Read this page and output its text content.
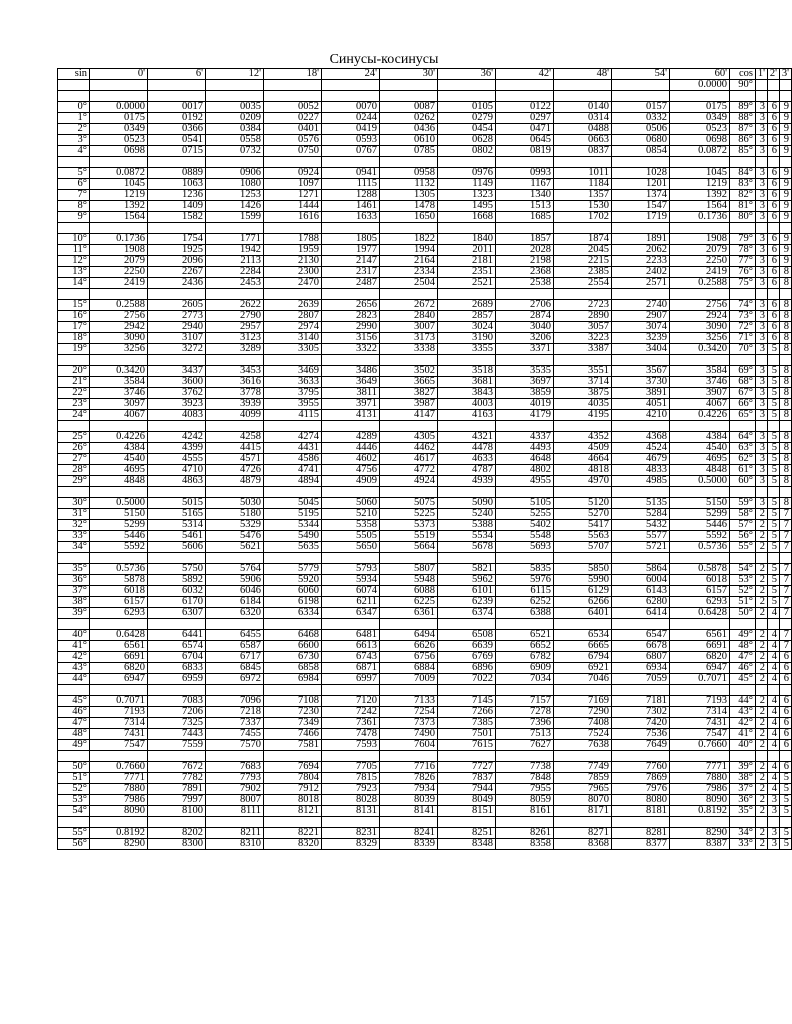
Синусы-косинусы
sin	0'	6'	12'	18'	24'	30'	36'	42'	48'	54'	60'	cos	1'	2'	3'
											0.0000	90°			

0°	0.0000	0017	0035	0052	0070	0087	0105	0122	0140	0157	0175	89°	3	6	9
1°	0175	0192	0209	0227	0244	0262	0279	0297	0314	0332	0349	88°	3	6	9
2°	0349	0366	0384	0401	0419	0436	0454	0471	0488	0506	0523	87°	3	6	9
3°	0523	0541	0558	0576	0593	0610	0628	0645	0663	0680	0698	86°	3	6	9
4°	0698	0715	0732	0750	0767	0785	0802	0819	0837	0854	0.0872	85°	3	6	9

5°	0.0872	0889	0906	0924	0941	0958	0976	0993	1011	1028	1045	84°	3	6	9
6°	1045	1063	1080	1097	1115	1132	1149	1167	1184	1201	1219	83°	3	6	9
7°	1219	1236	1253	1271	1288	1305	1323	1340	1357	1374	1392	82°	3	6	9
8°	1392	1409	1426	1444	1461	1478	1495	1513	1530	1547	1564	81°	3	6	9
9°	1564	1582	1599	1616	1633	1650	1668	1685	1702	1719	0.1736	80°	3	6	9

10°	0.1736	1754	1771	1788	1805	1822	1840	1857	1874	1891	1908	79°	3	6	9
11°	1908	1925	1942	1959	1977	1994	2011	2028	2045	2062	2079	78°	3	6	9
12°	2079	2096	2113	2130	2147	2164	2181	2198	2215	2233	2250	77°	3	6	9
13°	2250	2267	2284	2300	2317	2334	2351	2368	2385	2402	2419	76°	3	6	8
14°	2419	2436	2453	2470	2487	2504	2521	2538	2554	2571	0.2588	75°	3	6	8

15°	0.2588	2605	2622	2639	2656	2672	2689	2706	2723	2740	2756	74°	3	6	8
16°	2756	2773	2790	2807	2823	2840	2857	2874	2890	2907	2924	73°	3	6	8
17°	2942	2940	2957	2974	2990	3007	3024	3040	3057	3074	3090	72°	3	6	8
18°	3090	3107	3123	3140	3156	3173	3190	3206	3223	3239	3256	71°	3	6	8
19°	3256	3272	3289	3305	3322	3338	3355	3371	3387	3404	0.3420	70°	3	5	8

20°	0.3420	3437	3453	3469	3486	3502	3518	3535	3551	3567	3584	69°	3	5	8
21°	3584	3600	3616	3633	3649	3665	3681	3697	3714	3730	3746	68°	3	5	8
22°	3746	3762	3778	3795	3811	3827	3843	3859	3875	3891	3907	67°	3	5	8
23°	3097	3923	3939	3955	3971	3987	4003	4019	4035	4051	4067	66°	3	5	8
24°	4067	4083	4099	4115	4131	4147	4163	4179	4195	4210	0.4226	65°	3	5	8

25°	0.4226	4242	4258	4274	4289	4305	4321	4337	4352	4368	4384	64°	3	5	8
26°	4384	4399	4415	4431	4446	4462	4478	4493	4509	4524	4540	63°	3	5	8
27°	4540	4555	4571	4586	4602	4617	4633	4648	4664	4679	4695	62°	3	5	8
28°	4695	4710	4726	4741	4756	4772	4787	4802	4818	4833	4848	61°	3	5	8
29°	4848	4863	4879	4894	4909	4924	4939	4955	4970	4985	0.5000	60°	3	5	8

30°	0.5000	5015	5030	5045	5060	5075	5090	5105	5120	5135	5150	59°	3	5	8
31°	5150	5165	5180	5195	5210	5225	5240	5255	5270	5284	5299	58°	2	5	7
32°	5299	5314	5329	5344	5358	5373	5388	5402	5417	5432	5446	57°	2	5	7
33°	5446	5461	5476	5490	5505	5519	5534	5548	5563	5577	5592	56°	2	5	7
34°	5592	5606	5621	5635	5650	5664	5678	5693	5707	5721	0.5736	55°	2	5	7

35°	0.5736	5750	5764	5779	5793	5807	5821	5835	5850	5864	0.5878	54°	2	5	7
36°	5878	5892	5906	5920	5934	5948	5962	5976	5990	6004	6018	53°	2	5	7
37°	6018	6032	6046	6060	6074	6088	6101	6115	6129	6143	6157	52°	2	5	7
38°	6157	6170	6184	6198	6211	6225	6239	6252	6266	6280	6293	51°	2	5	7
39°	6293	6307	6320	6334	6347	6361	6374	6388	6401	6414	0.6428	50°	2	4	7

40°	0.6428	6441	6455	6468	6481	6494	6508	6521	6534	6547	6561	49°	2	4	7
41°	6561	6574	6587	6600	6613	6626	6639	6652	6665	6678	6691	48°	2	4	7
42°	6691	6704	6717	6730	6743	6756	6769	6782	6794	6807	6820	47°	2	4	6
43°	6820	6833	6845	6858	6871	6884	6896	6909	6921	6934	6947	46°	2	4	6
44°	6947	6959	6972	6984	6997	7009	7022	7034	7046	7059	0.7071	45°	2	4	6

45°	0.7071	7083	7096	7108	7120	7133	7145	7157	7169	7181	7193	44°	2	4	6
46°	7193	7206	7218	7230	7242	7254	7266	7278	7290	7302	7314	43°	2	4	6
47°	7314	7325	7337	7349	7361	7373	7385	7396	7408	7420	7431	42°	2	4	6
48°	7431	7443	7455	7466	7478	7490	7501	7513	7524	7536	7547	41°	2	4	6
49°	7547	7559	7570	7581	7593	7604	7615	7627	7638	7649	0.7660	40°	2	4	6

50°	0.7660	7672	7683	7694	7705	7716	7727	7738	7749	7760	7771	39°	2	4	6
51°	7771	7782	7793	7804	7815	7826	7837	7848	7859	7869	7880	38°	2	4	5
52°	7880	7891	7902	7912	7923	7934	7944	7955	7965	7976	7986	37°	2	4	5
53°	7986	7997	8007	8018	8028	8039	8049	8059	8070	8080	8090	36°	2	3	5
54°	8090	8100	8111	8121	8131	8141	8151	8161	8171	8181	0.8192	35°	2	3	5

55°	0.8192	8202	8211	8221	8231	8241	8251	8261	8271	8281	8290	34°	2	3	5
56°	8290	8300	8310	8320	8329	8339	8348	8358	8368	8377	8387	33°	2	3	5
